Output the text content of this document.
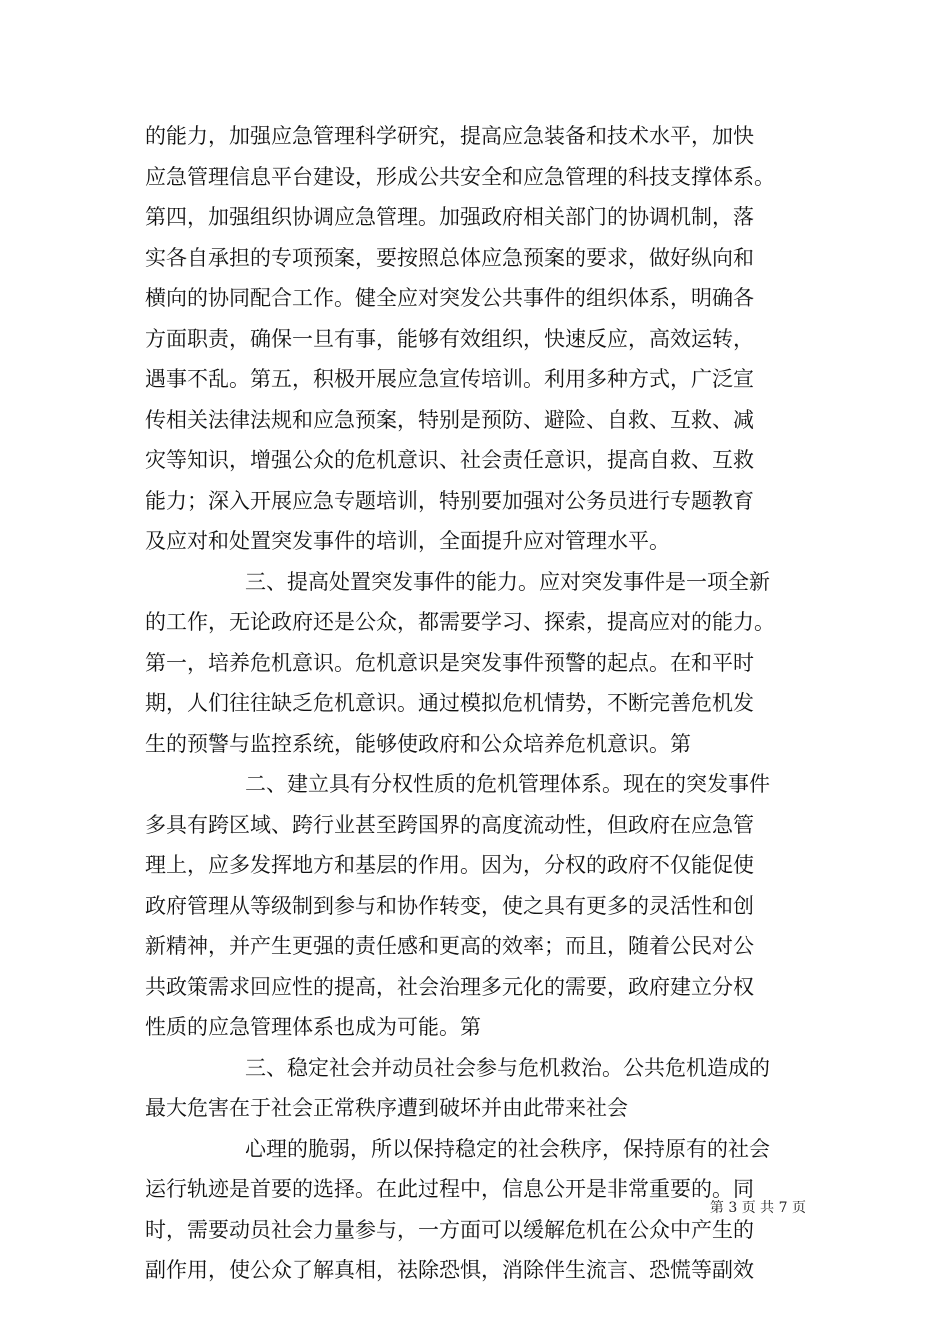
的能力，加强应急管理科学研究，提高应急装备和技术水平，加快
应急管理信息平台建设，形成公共安全和应急管理的科技支撑体系。
第四，加强组织协调应急管理。加强政府相关部门的协调机制，落
实各自承担的专项预案，要按照总体应急预案的要求，做好纵向和
横向的协同配合工作。健全应对突发公共事件的组织体系，明确各
方面职责，确保一旦有事，能够有效组织，快速反应，高效运转，
遇事不乱。第五，积极开展应急宣传培训。利用多种方式，广泛宣
传相关法律法规和应急预案，特别是预防、避险、自救、互救、减
灾等知识，增强公众的危机意识、社会责任意识，提高自救、互救
能力；深入开展应急专题培训，特别要加强对公务员进行专题教育
及应对和处置突发事件的培训，全面提升应对管理水平。
三、提高处置突发事件的能力。应对突发事件是一项全新
的工作，无论政府还是公众，都需要学习、探索，提高应对的能力。
第一，培养危机意识。危机意识是突发事件预警的起点。在和平时
期，人们往往缺乏危机意识。通过模拟危机情势，不断完善危机发
生的预警与监控系统，能够使政府和公众培养危机意识。第
二、建立具有分权性质的危机管理体系。现在的突发事件
多具有跨区域、跨行业甚至跨国界的高度流动性，但政府在应急管
理上，应多发挥地方和基层的作用。因为，分权的政府不仅能促使
政府管理从等级制到参与和协作转变，使之具有更多的灵活性和创
新精神，并产生更强的责任感和更高的效率；而且，随着公民对公
共政策需求回应性的提高，社会治理多元化的需要，政府建立分权
性质的应急管理体系也成为可能。第
三、稳定社会并动员社会参与危机救治。公共危机造成的
最大危害在于社会正常秩序遭到破坏并由此带来社会
心理的脆弱，所以保持稳定的社会秩序，保持原有的社会
运行轨迹是首要的选择。在此过程中，信息公开是非常重要的。同
时，需要动员社会力量参与，一方面可以缓解危机在公众中产生的
副作用，使公众了解真相，祛除恐惧，消除伴生流言、恐慌等副效
第 3 页 共 7 页
